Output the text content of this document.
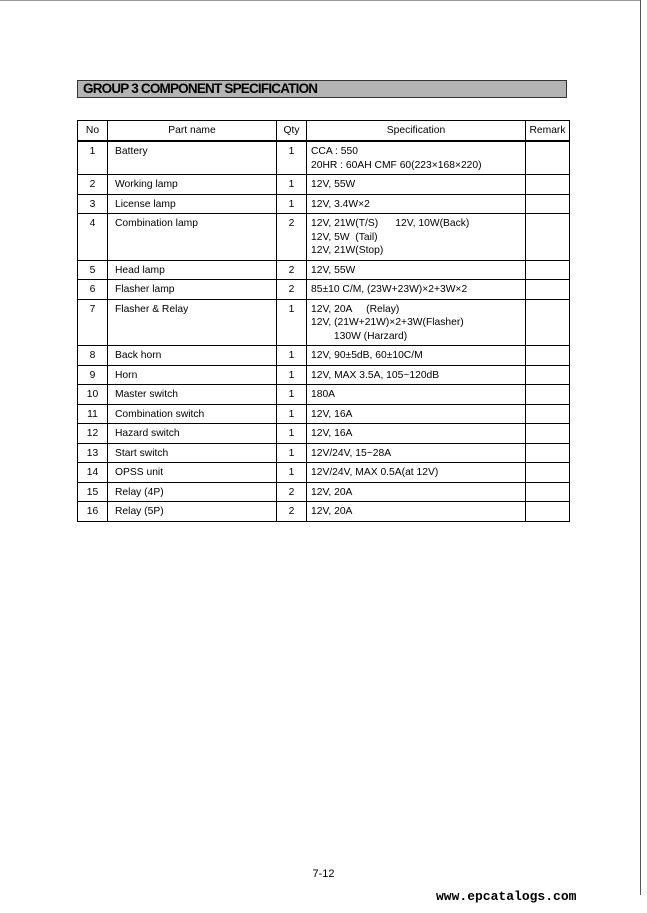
GROUP 3 COMPONENT SPECIFICATION
No	Part name	Qty	Specification	Remark
1	Battery	1	CCA : 550
20HR : 60AH CMF 60(223×168×220)	

2	Working lamp	1	12V, 55W	

3	License lamp	1	12V, 3.4W×2	

4	Combination lamp	2	12V, 21W(T/S)      12V, 10W(Back)
12V, 5W  (Tail)
12V, 21W(Stop)	

5	Head lamp	2	12V, 55W	

6	Flasher lamp	2	85±10 C/M, (23W+23W)×2+3W×2	

7	Flasher & Relay	1	12V, 20A     (Relay)
12V, (21W+21W)×2+3W(Flasher)
130W (Harzard)	

8	Back horn	1	12V, 90±5dB, 60±10C/M	

9	Horn	1	12V, MAX 3.5A, 105~120dB	

10	Master switch	1	180A	

11	Combination switch	1	12V, 16A	

12	Hazard switch	1	12V, 16A	

13	Start switch	1	12V/24V, 15~28A	

14	OPSS unit	1	12V/24V, MAX 0.5A(at 12V)	

15	Relay (4P)	2	12V, 20A	

16	Relay (5P)	2	12V, 20A	

7-12
www.epcatalogs.com
